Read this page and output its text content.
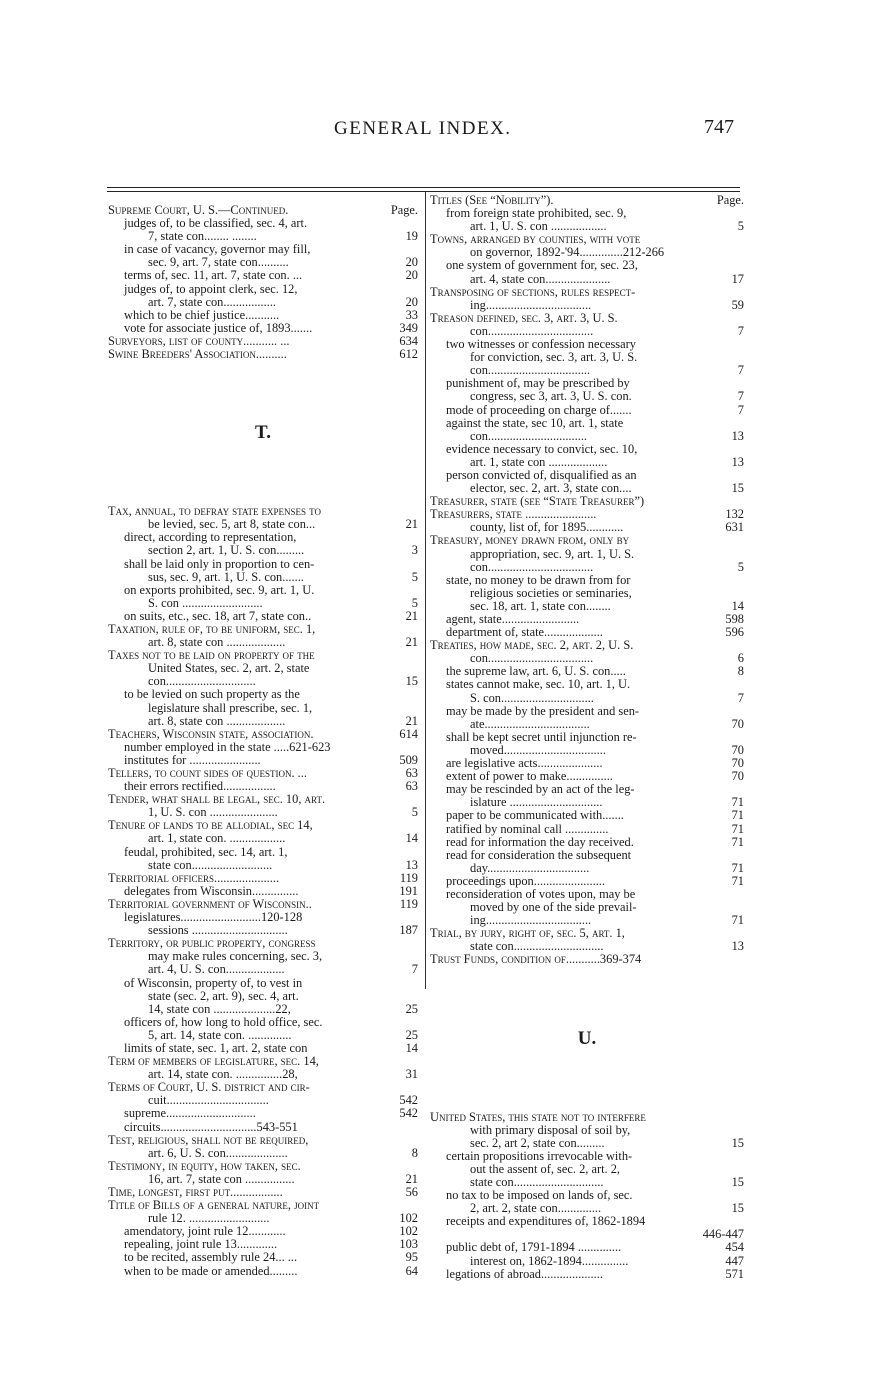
GENERAL INDEX.	747
Supreme Court, U. S.—Continued.	Page.
judges of, to be classified, sec. 4, art.
7, state con........ ........	19
in case of vacancy, governor may fill,
sec. 9, art. 7, state con..........	20
terms of, sec. 11, art. 7, state con. ...	20
judges of, to appoint clerk, sec. 12,
art. 7, state con.................	20
which to be chief justice...........	33
vote for associate justice of, 1893.......	349
Surveyors, list of county........... ...	634
Swine Breeders' Association..........	612
T.
Tax, annual, to defray state expenses to
be levied, sec. 5, art 8, state con...	21
direct, according to representation,
section 2, art. 1, U. S. con.........	3
shall be laid only in proportion to cen-
sus, sec. 9, art. 1, U. S. con.......	5
on exports prohibited, sec. 9, art. 1, U.
S. con ..........................	5
on suits, etc., sec. 18, art 7, state con..	21
Taxation, rule of, to be uniform, sec. 1,
art. 8, state con ...................	21
Taxes not to be laid on property of the
United States, sec. 2, art. 2, state
con.............................	15
to be levied on such property as the
legislature shall prescribe, sec. 1,
art. 8, state con ...................	21
Teachers, Wisconsin state, association.	614
number employed in the state .....621-623
institutes for .......................	509
Tellers, to count sides of question. ...	63
their errors rectified.................	63
Tender, what shall be legal, sec. 10, art.
1, U. S. con ......................	5
Tenure of lands to be allodial, sec 14,
art. 1, state con. ..................	14
feudal, prohibited, sec. 14, art. 1,
state con..........................	13
Territorial officers.....................	119
delegates from Wisconsin...............	191
Territorial government of Wisconsin..	119
legislatures..........................120-128
sessions ...............................	187
Territory, or public property, congress
may make rules concerning, sec. 3,
art. 4, U. S. con...................	7
of Wisconsin, property of, to vest in
state (sec. 2, art. 9), sec. 4, art.
14, state con ....................22,	25
officers of, how long to hold office, sec.
5, art. 14, state con. ..............	25
limits of state, sec. 1, art. 2, state con	14
Term of members of legislature, sec. 14,
art. 14, state con. ...............28,	31
Terms of Court, U. S. district and cir-
cuit.................................	542
supreme.............................	542
circuits...............................543-551
Test, religious, shall not be required,
art. 6, U. S. con....................	8
Testimony, in equity, how taken, sec.
16, art. 7, state con ................	21
Time, longest, first put.................	56
Title of Bills of a general nature, joint
rule 12. ..........................	102
amendatory, joint rule 12............	102
repealing, joint rule 13.............	103
to be recited, assembly rule 24... ...	95
when to be made or amended.........	64
Titles (See “Nobility”).	Page.
from foreign state prohibited, sec. 9,
art. 1, U. S. con ..................	5
Towns, arranged by counties, with vote
on governor, 1892-'94..............212-266
one system of government for, sec. 23,
art. 4, state con.....................	17
Transposing of sections, rules respect-
ing..................................	59
Treason defined, sec. 3, art. 3, U. S.
con..................................	7
two witnesses or confession necessary
for conviction, sec. 3, art. 3, U. S.
con.................................	7
punishment of, may be prescribed by
congress, sec 3, art. 3, U. S. con.	7
mode of proceeding on charge of.......	7
against the state, sec 10, art. 1, state
con................................	13
evidence necessary to convict, sec. 10,
art. 1, state con ...................	13
person convicted of, disqualified as an
elector, sec. 2, art. 3, state con....	15
Treasurer, state (see “State Treasurer”)
Treasurers, state .......................	132
county, list of, for 1895............	631
Treasury, money drawn from, only by
appropriation, sec. 9, art. 1, U. S.
con..................................	5
state, no money to be drawn from for
religious societies or seminaries,
sec. 18, art. 1, state con........	14
agent, state.........................	598
department of, state...................	596
Treaties, how made, sec. 2, art. 2, U. S.
con..................................	6
the supreme law, art. 6, U. S. con.....	8
states cannot make, sec. 10, art. 1, U.
S. con..............................	7
may be made by the president and sen-
ate..................................	70
shall be kept secret until injunction re-
moved.................................	70
are legislative acts.....................	70
extent of power to make...............	70
may be rescinded by an act of the leg-
islature ..............................	71
paper to be communicated with.......	71
ratified by nominal call ..............	71
read for information the day received.	71
read for consideration the subsequent
day.................................	71
proceedings upon.......................	71
reconsideration of votes upon, may be
moved by one of the side prevail-
ing..................................	71
Trial, by jury, right of, sec. 5, art. 1,
state con.............................	13
Trust Funds, condition of...........369-374
U.
United States, this state not to interfere
with primary disposal of soil by,
sec. 2, art 2, state con.........	15
certain propositions irrevocable with-
out the assent of, sec. 2, art. 2,
state con.............................	15
no tax to be imposed on lands of, sec.
2, art. 2, state con..............	15
receipts and expenditures of, 1862-1894
446-447
public debt of, 1791-1894 ..............	454
interest on, 1862-1894...............	447
legations of abroad....................	571
